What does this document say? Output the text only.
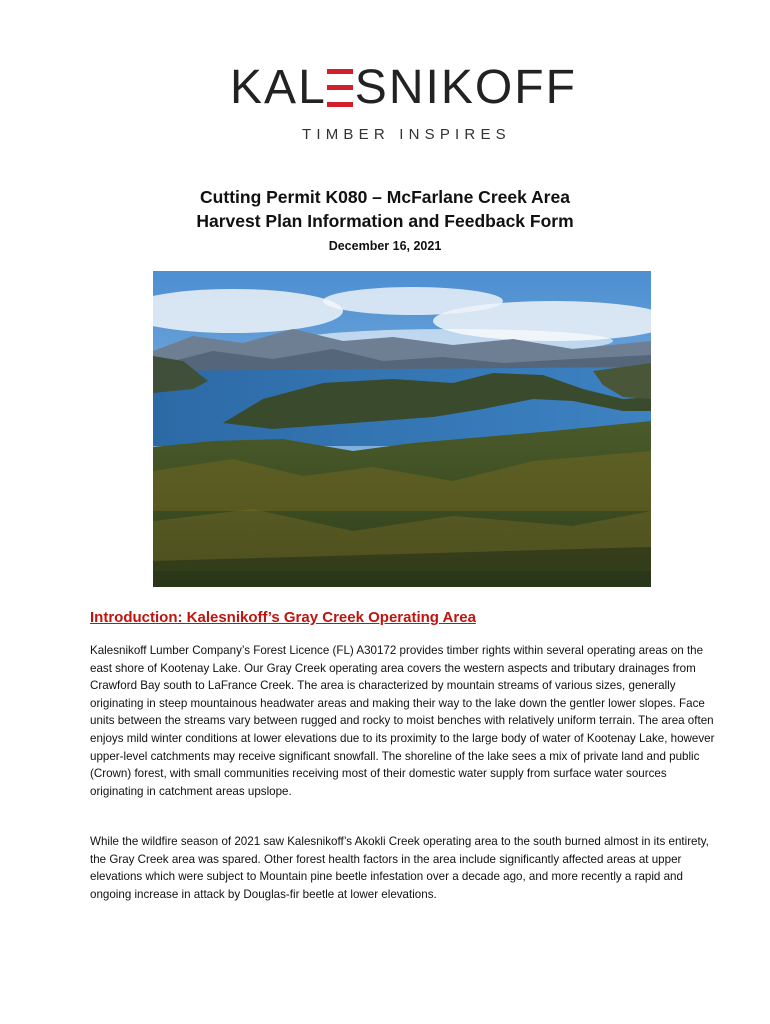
K A L S N I K O F F
TIMBER INSPIRES
Cutting Permit K080 – McFarlane Creek Area
Harvest Plan Information and Feedback Form
December 16, 2021
Introduction: Kalesnikoff’s Gray Creek Operating Area
Kalesnikoff Lumber Company’s Forest Licence (FL) A30172 provides timber rights within several operating areas on the east shore of Kootenay Lake. Our Gray Creek operating area covers the western aspects and tributary drainages from Crawford Bay south to LaFrance Creek. The area is characterized by mountain streams of various sizes, generally originating in steep mountainous headwater areas and making their way to the lake down the gentler lower slopes. Face units between the streams vary between rugged and rocky to moist benches with relatively uniform terrain. The area often enjoys mild winter conditions at lower elevations due to its proximity to the large body of water of Kootenay Lake, however upper-level catchments may receive significant snowfall. The shoreline of the lake sees a mix of private land and public (Crown) forest, with small communities receiving most of their domestic water supply from surface water sources originating in catchment areas upslope.
While the wildfire season of 2021 saw Kalesnikoff’s Akokli Creek operating area to the south burned almost in its entirety, the Gray Creek area was spared. Other forest health factors in the area include significantly affected areas at upper elevations which were subject to Mountain pine beetle infestation over a decade ago, and more recently a rapid and ongoing increase in attack by Douglas-fir beetle at lower elevations.
